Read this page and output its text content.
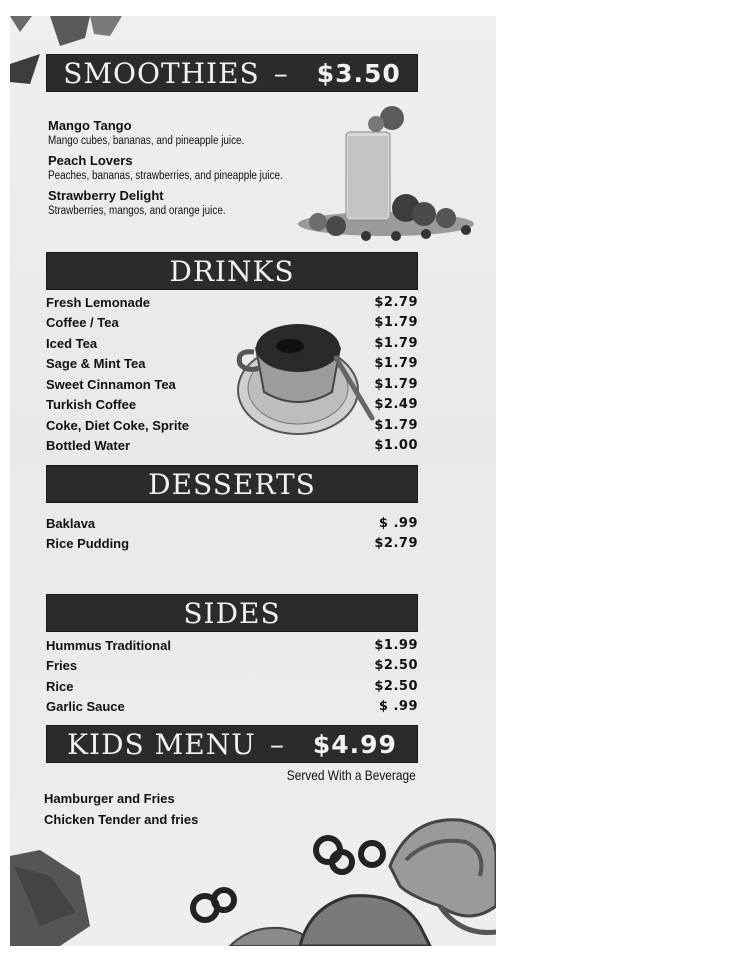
SMOOTHIES – $3.50
Mango Tango
Mango cubes, bananas, and pineapple juice.
Peach Lovers
Peaches, bananas, strawberries, and pineapple juice.
Strawberry Delight
Strawberries, mangos, and orange juice.
DRINKS
Fresh Lemonade	$2.79
Coffee / Tea	$1.79
Iced Tea	$1.79
Sage & Mint Tea	$1.79
Sweet Cinnamon Tea	$1.79
Turkish Coffee	$2.49
Coke, Diet Coke, Sprite	$1.79
Bottled Water	$1.00
DESSERTS
Baklava	$ .99
Rice Pudding	$2.79
SIDES
Hummus Traditional	$1.99
Fries	$2.50
Rice	$2.50
Garlic Sauce	$ .99
KIDS MENU – $4.99
Served With a Beverage
Hamburger and Fries
Chicken Tender and fries
